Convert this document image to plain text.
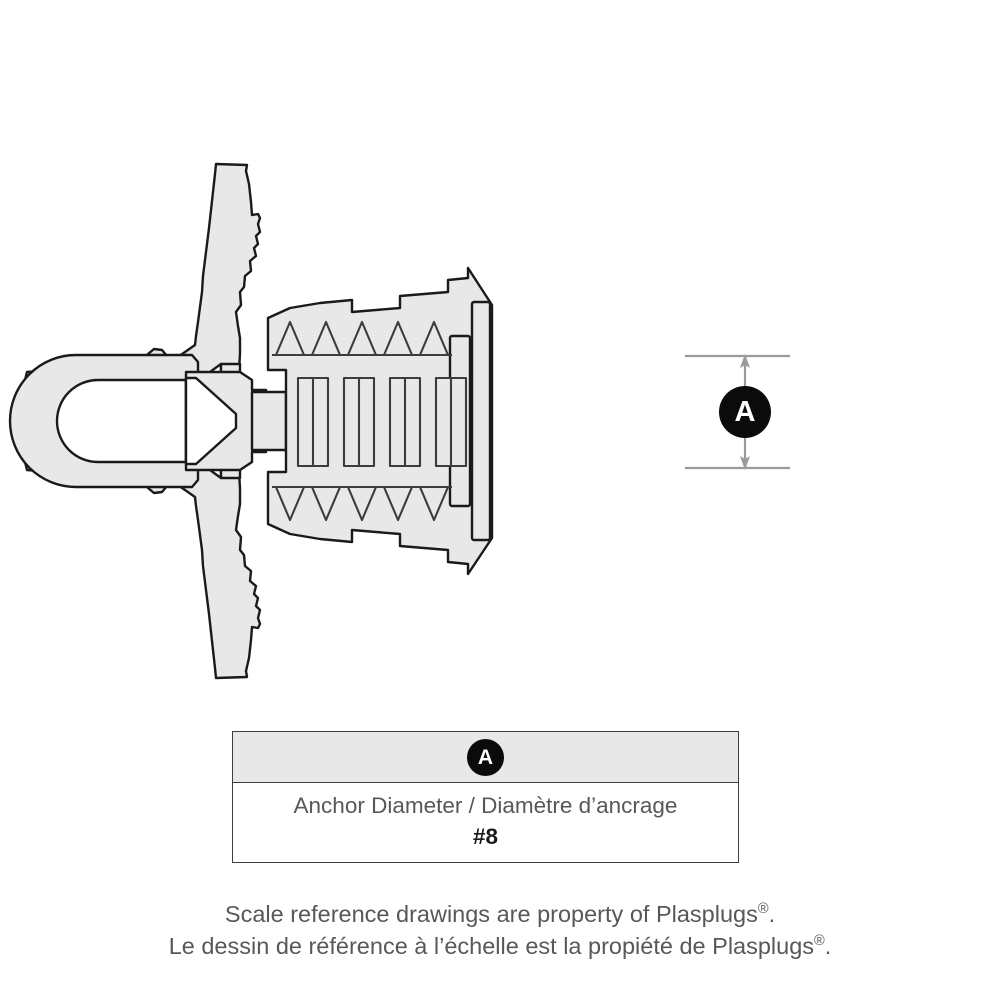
A
A
Anchor Diameter / Diamètre d’ancrage
#8
Scale reference drawings are property of Plasplugs®.
Le dessin de référence à l’échelle est la propiété de Plasplugs®.
